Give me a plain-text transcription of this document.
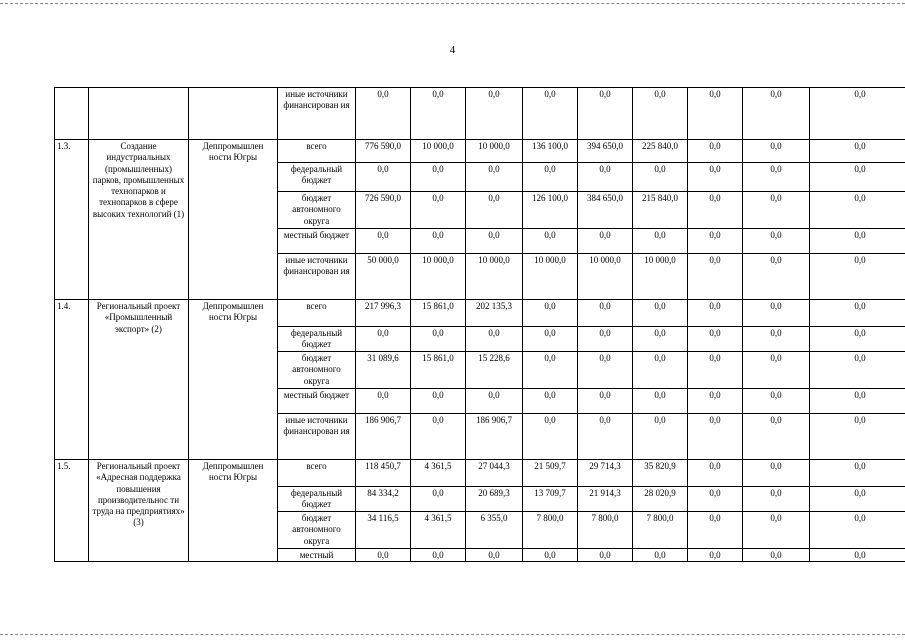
4
			иные источники финансирован ия	0,0	0,0	0,0	0,0	0,0	0,0	0,0	0,0	0,0
1.3.	Создание индустриальных (промышленных) парков, промышленных технопарков и технопарков в сфере высоких технологий (1)	Деппромышлен ности Югры	всего	776 590,0	10 000,0	10 000,0	136 100,0	394 650,0	225 840,0	0,0	0,0	0,0
			федеральный бюджет	0,0	0,0	0,0	0,0	0,0	0,0	0,0	0,0	0,0
			бюджет автономного округа	726 590,0	0,0	0,0	126 100,0	384 650,0	215 840,0	0,0	0,0	0,0
			местный бюджет	0,0	0,0	0,0	0,0	0,0	0,0	0,0	0,0	0,0
			иные источники финансирован ия	50 000,0	10 000,0	10 000,0	10 000,0	10 000,0	10 000,0	0,0	0,0	0,0
1.4.	Региональный проект «Промышленный экспорт» (2)	Деппромышлен ности Югры	всего	217 996,3	15 861,0	202 135,3	0,0	0,0	0,0	0,0	0,0	0,0
			федеральный бюджет	0,0	0,0	0,0	0,0	0,0	0,0	0,0	0,0	0,0
			бюджет автономного округа	31 089,6	15 861,0	15 228,6	0,0	0,0	0,0	0,0	0,0	0,0
			местный бюджет	0,0	0,0	0,0	0,0	0,0	0,0	0,0	0,0	0,0
			иные источники финансирован ия	186 906,7	0,0	186 906,7	0,0	0,0	0,0	0,0	0,0	0,0
1.5.	Региональный проект «Адресная поддержка повышения производительнос ти труда на предприятиях» (3)	Деппромышлен ности Югры	всего	118 450,7	4 361,5	27 044,3	21 509,7	29 714,3	35 820,9	0,0	0,0	0,0
			федеральный бюджет	84 334,2	0,0	20 689,3	13 709,7	21 914,3	28 020,9	0,0	0,0	0,0
			бюджет автономного округа	34 116,5	4 361,5	6 355,0	7 800,0	7 800,0	7 800,0	0,0	0,0	0,0
			местный	0,0	0,0	0,0	0,0	0,0	0,0	0,0	0,0	0,0
